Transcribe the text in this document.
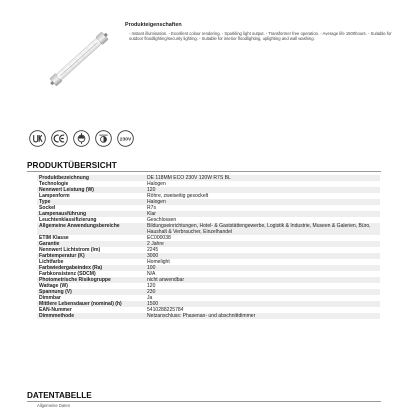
Produkteigenschaften

- Instant illumination. - Excellent colour rendering. - Sparkling light output. - Transformer free operation. - Average life 1500hours. - Suitable for outdoor floodlighting/security lighting. - Suitable for interior floodlighting, uplighting and wall washing.

230V
PRODUKTÜBERSICHT
Produktbezeichnung	DE 118MM ECO 230V 120W R7S BL
Technologie	Halogen
Nennwert Leistung (W)	120
Lampenform	Röhre, zweiseitig gesockelt
Type	Halogen
Sockel	R7s
Lampenausführung	Klar
Leuchtenklassifizierung	Geschlossen
Allgemeine Anwendungsbereiche	Bildungseinrichtungen, Hotel- & Gaststättengewerbe, Logistik & Industrie, Museen & Galerien, Büro, Haushalt & Verbraucher, Einzelhandel
ETIM Klasse	EC000038
Garantie	2 Jahre
Nennwert Lichtstrom (lm)	2245
Farbtemperatur (K)	3000
Lichtfarbe	Homelight
Farbwiedergabeindex (Ra)	100
Farbkonsistenz (SDCM)	N/A
Photometrische Risikogruppe	nicht anwendbar
Wattage (W)	120
Spannung (V)	230
Dimmbar	Ja
Mittlere Lebensdauer (nominal) (h)	1500
EAN-Nummer	5410288225784
Dimmmethode	Netzanschluss: Phasenan- und abschnittdimmer
DATENTABELLE
Allgemeine Daten
